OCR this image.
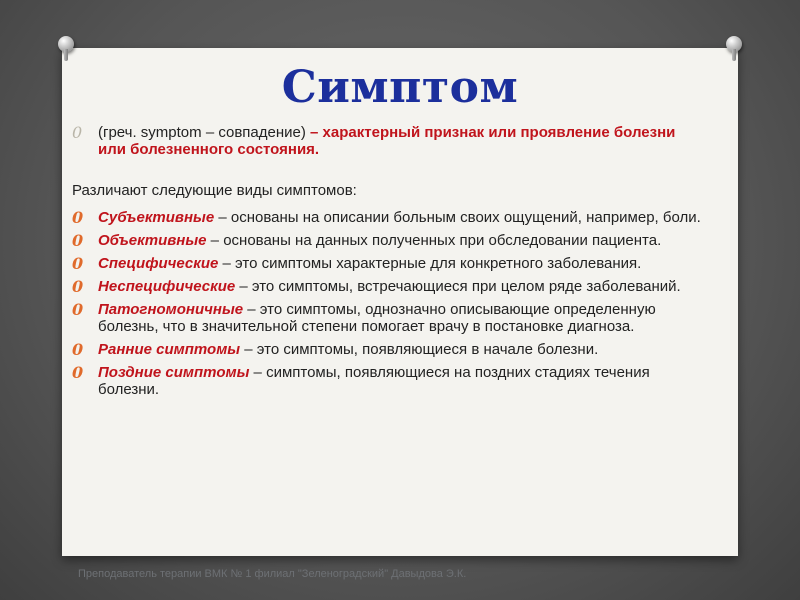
Симптом
0 (греч. symptom – совпадение) – характерный признак или проявление болезни или болезненного состояния.
Различают следующие виды симптомов:
0 Субъективные – основаны на описании больным своих ощущений, например, боли.
0 Объективные – основаны на данных полученных при обследовании пациента.
0 Специфические – это симптомы характерные для конкретного заболевания.
0 Неспецифические – это симптомы, встречающиеся при целом ряде заболеваний.
0 Патогномоничные – это симптомы, однозначно описывающие определенную болезнь, что в значительной степени помогает врачу в постановке диагноза.
0 Ранние симптомы – это симптомы, появляющиеся в начале болезни.
0 Поздние симптомы – симптомы, появляющиеся на поздних стадиях течения болезни.
Преподаватель терапии ВМК № 1 филиал "Зеленоградский" Давыдова Э.К.
